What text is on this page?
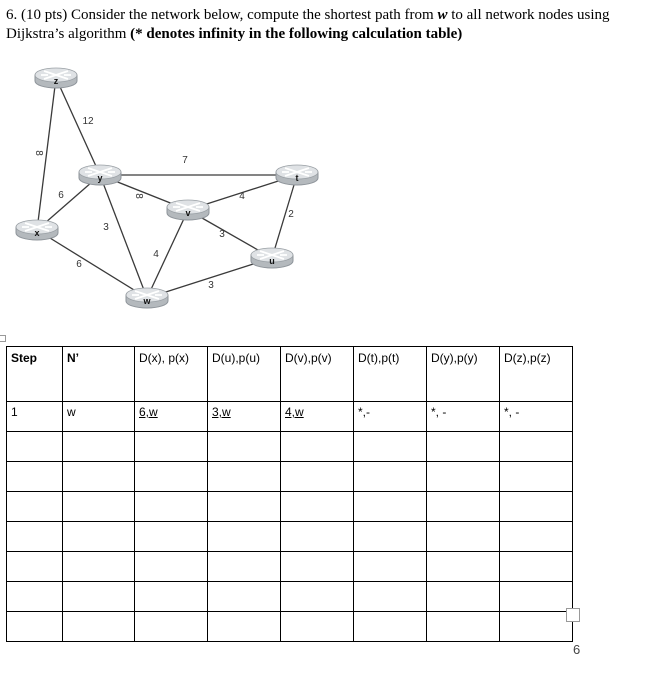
6. (10 pts) Consider the network below, compute the shortest path from w to all network nodes using Dijkstra’s algorithm (* denotes infinity in the following calculation table)
12
8
7
6	8
3
4
2
3
4
6
3
z
y	t
v
x
u
w
Step	N’	D(x), p(x)	D(u),p(u)	D(v),p(v)	D(t),p(t)	D(y),p(y)	D(z),p(z)
1	w	6,w	3,w	4,w	*,-	*, -	*, -

6
